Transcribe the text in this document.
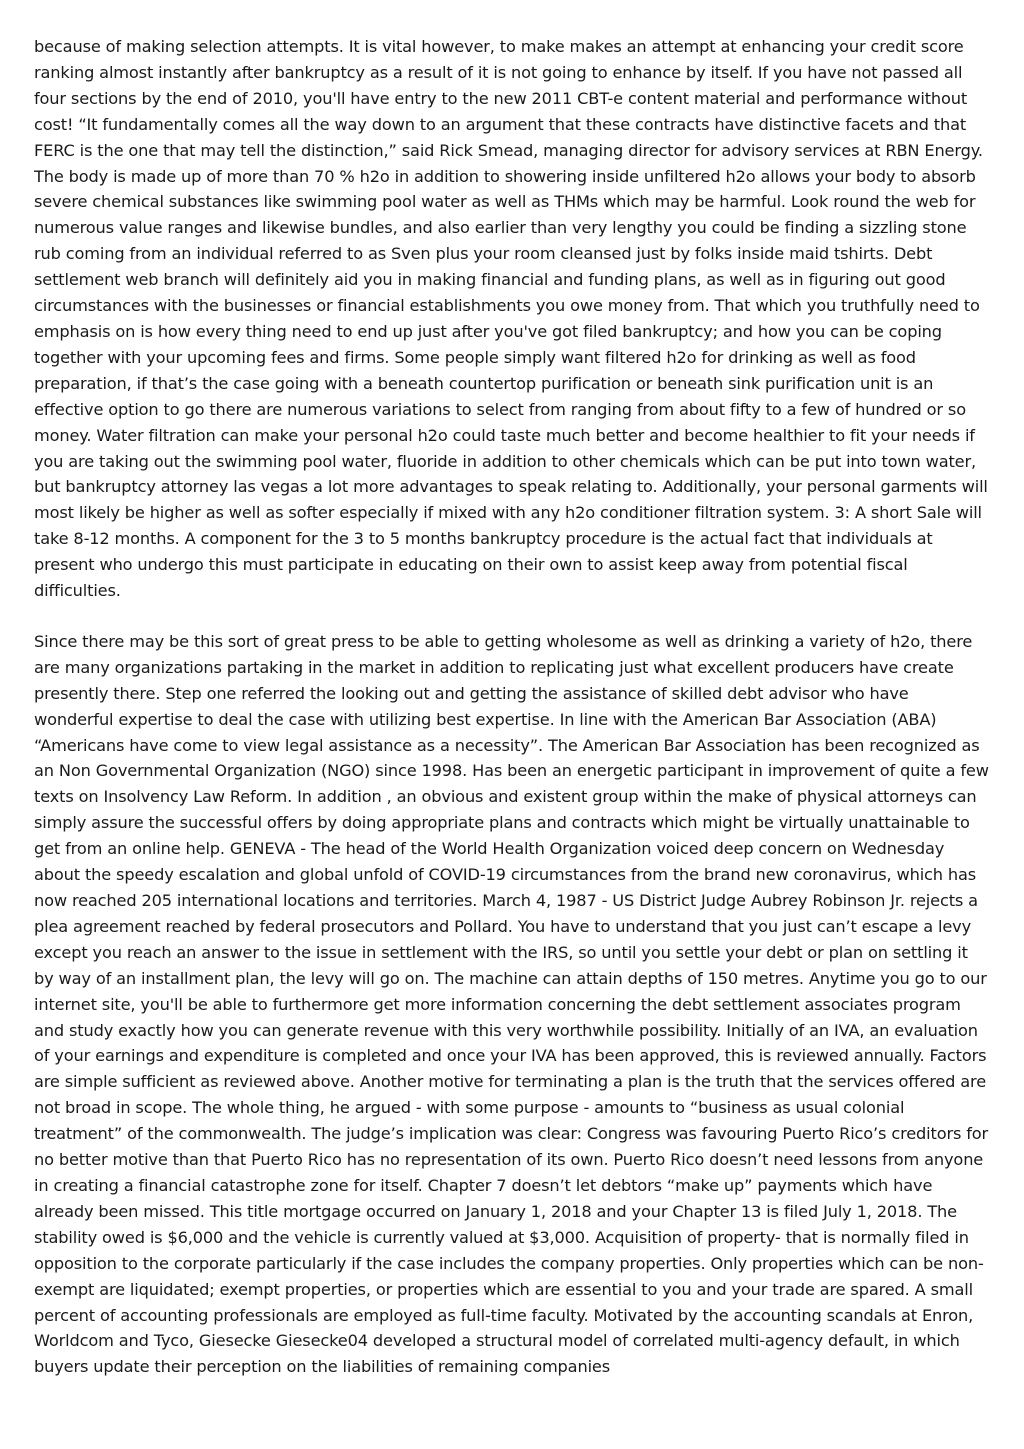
because of making selection attempts. It is vital however, to make makes an attempt at enhancing your credit score ranking almost instantly after bankruptcy as a result of it is not going to enhance by itself. If you have not passed all four sections by the end of 2010, you'll have entry to the new 2011 CBT-e content material and performance without cost! “It fundamentally comes all the way down to an argument that these contracts have distinctive facets and that FERC is the one that may tell the distinction,” said Rick Smead, managing director for advisory services at RBN Energy. The body is made up of more than 70 % h2o in addition to showering inside unfiltered h2o allows your body to absorb severe chemical substances like swimming pool water as well as THMs which may be harmful. Look round the web for numerous value ranges and likewise bundles, and also earlier than very lengthy you could be finding a sizzling stone rub coming from an individual referred to as Sven plus your room cleansed just by folks inside maid tshirts. Debt settlement web branch will definitely aid you in making financial and funding plans, as well as in figuring out good circumstances with the businesses or financial establishments you owe money from. That which you truthfully need to emphasis on is how every thing need to end up just after you've got filed bankruptcy; and how you can be coping together with your upcoming fees and firms. Some people simply want filtered h2o for drinking as well as food preparation, if that’s the case going with a beneath countertop purification or beneath sink purification unit is an effective option to go there are numerous variations to select from ranging from about fifty to a few of hundred or so money. Water filtration can make your personal h2o could taste much better and become healthier to fit your needs if you are taking out the swimming pool water, fluoride in addition to other chemicals which can be put into town water, but bankruptcy attorney las vegas a lot more advantages to speak relating to. Additionally, your personal garments will most likely be higher as well as softer especially if mixed with any h2o conditioner filtration system. 3: A short Sale will take 8-12 months. A component for the 3 to 5 months bankruptcy procedure is the actual fact that individuals at present who undergo this must participate in educating on their own to assist keep away from potential fiscal difficulties.

Since there may be this sort of great press to be able to getting wholesome as well as drinking a variety of h2o, there are many organizations partaking in the market in addition to replicating just what excellent producers have create presently there. Step one referred the looking out and getting the assistance of skilled debt advisor who have wonderful expertise to deal the case with utilizing best expertise. In line with the American Bar Association (ABA) “Americans have come to view legal assistance as a necessity”. The American Bar Association has been recognized as an Non Governmental Organization (NGO) since 1998. Has been an energetic participant in improvement of quite a few texts on Insolvency Law Reform. In addition , an obvious and existent group within the make of physical attorneys can simply assure the successful offers by doing appropriate plans and contracts which might be virtually unattainable to get from an online help. GENEVA - The head of the World Health Organization voiced deep concern on Wednesday about the speedy escalation and global unfold of COVID-19 circumstances from the brand new coronavirus, which has now reached 205 international locations and territories. March 4, 1987 - US District Judge Aubrey Robinson Jr. rejects a plea agreement reached by federal prosecutors and Pollard. You have to understand that you just can’t escape a levy except you reach an answer to the issue in settlement with the IRS, so until you settle your debt or plan on settling it by way of an installment plan, the levy will go on. The machine can attain depths of 150 metres. Anytime you go to our internet site, you'll be able to furthermore get more information concerning the debt settlement associates program and study exactly how you can generate revenue with this very worthwhile possibility. Initially of an IVA, an evaluation of your earnings and expenditure is completed and once your IVA has been approved, this is reviewed annually. Factors are simple sufficient as reviewed above. Another motive for terminating a plan is the truth that the services offered are not broad in scope. The whole thing, he argued - with some purpose - amounts to “business as usual colonial treatment” of the commonwealth. The judge’s implication was clear: Congress was favouring Puerto Rico’s creditors for no better motive than that Puerto Rico has no representation of its own. Puerto Rico doesn’t need lessons from anyone in creating a financial catastrophe zone for itself. Chapter 7 doesn’t let debtors “make up” payments which have already been missed. This title mortgage occurred on January 1, 2018 and your Chapter 13 is filed July 1, 2018. The stability owed is $6,000 and the vehicle is currently valued at $3,000. Acquisition of property- that is normally filed in opposition to the corporate particularly if the case includes the company properties. Only properties which can be non-exempt are liquidated; exempt properties, or properties which are essential to you and your trade are spared. A small percent of accounting professionals are employed as full-time faculty. Motivated by the accounting scandals at Enron, Worldcom and Tyco, Giesecke Giesecke04 developed a structural model of correlated multi-agency default, in which buyers update their perception on the liabilities of remaining companies
